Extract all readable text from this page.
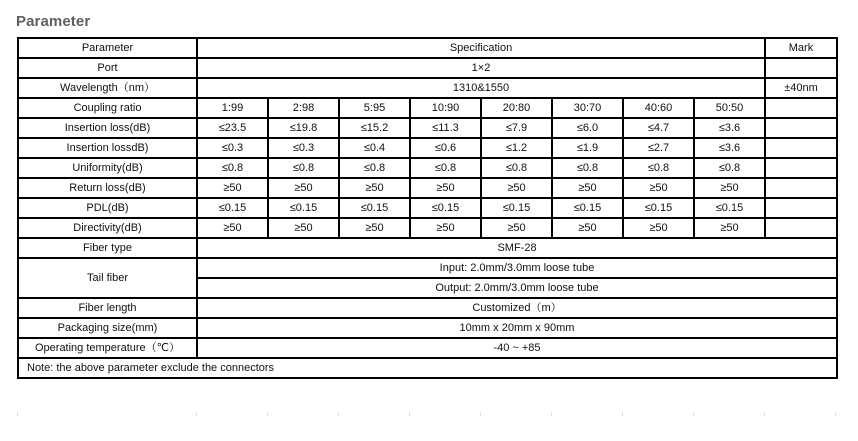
Parameter
Parameter	Specification								Mark
Port	1×2								
Wavelength（nm）	1310&1550								±40nm
Coupling ratio	1:99	2:98	5:95	10:90	20:80	30:70	40:60	50:50	
Insertion loss(dB)	≤23.5	≤19.8	≤15.2	≤11.3	≤7.9	≤6.0	≤4.7	≤3.6	
Insertion lossdB)	≤0.3	≤0.3	≤0.4	≤0.6	≤1.2	≤1.9	≤2.7	≤3.6	
Uniformity(dB)	≤0.8	≤0.8	≤0.8	≤0.8	≤0.8	≤0.8	≤0.8	≤0.8	
Return loss(dB)	≥50	≥50	≥50	≥50	≥50	≥50	≥50	≥50	
PDL(dB)	≤0.15	≤0.15	≤0.15	≤0.15	≤0.15	≤0.15	≤0.15	≤0.15	
Directivity(dB)	≥50	≥50	≥50	≥50	≥50	≥50	≥50	≥50	
Fiber type	SMF-28								
Tail fiber	Input: 2.0mm/3.0mm loose tube								
	Output: 2.0mm/3.0mm loose tube								
Fiber length	Customized（m）								
Packaging size(mm)	10mm x 20mm x 90mm								
Operating temperature（℃）	-40 ~ +85								
Note: the above parameter exclude the connectors									
